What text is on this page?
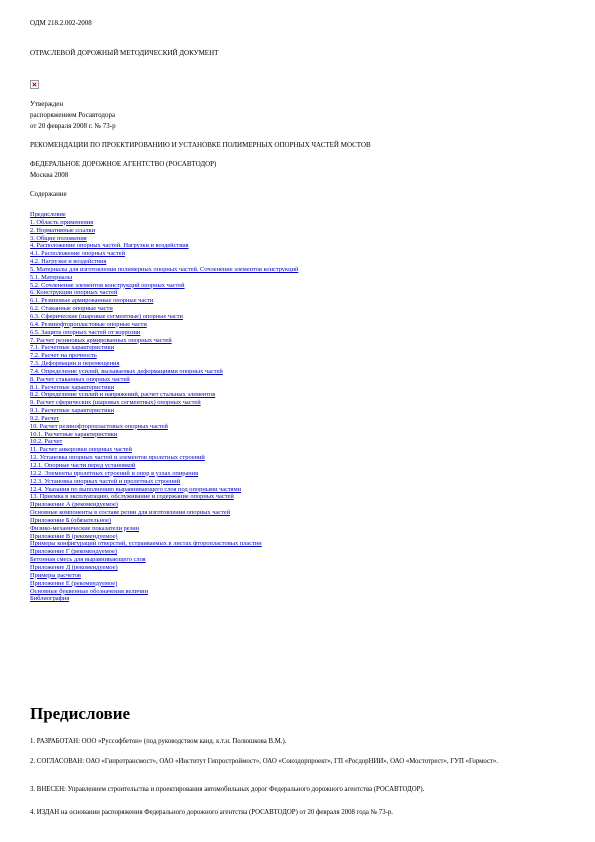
ОДМ 218.2.002-2008
ОТРАСЛЕВОЙ ДОРОЖНЫЙ МЕТОДИЧЕСКИЙ ДОКУМЕНТ
Утвержден
распоряжением Росавтодора
от 20 февраля 2008 г. № 73-р
РЕКОМЕНДАЦИИ ПО ПРОЕКТИРОВАНИЮ И УСТАНОВКЕ ПОЛИМЕРНЫХ ОПОРНЫХ ЧАСТЕЙ МОСТОВ
ФЕДЕРАЛЬНОЕ ДОРОЖНОЕ АГЕНТСТВО (РОСАВТОДОР)
Москва 2008
Содержание
Предисловие
1. Область применения
2. Нормативные ссылки
3. Общие положения
4. Расположение опорных частей. Нагрузки и воздействия
4.1. Расположение опорных частей
4.2. Нагрузки и воздействия
5. Материалы для изготовления полимерных опорных частей. Сочленение элементов конструкций
5.1. Материалы
5.2. Сочленение элементов конструкций опорных частей
6. Конструкции опорных частей
6.1. Резиновые армированные опорные части
6.2. Стаканные опорные части
6.3. Сферические (шаровые сегментные) опорные части
6.4. Резинофторопластовые опорные части
6.5. Защита опорных частей от коррозии
7. Расчет резиновых армированных опорных частей
7.1. Расчетные характеристики
7.2. Расчет на прочность
7.3. Деформации и перемещения
7.4. Определение усилий, вызываемых деформациями опорных частей
8. Расчет стаканных опорных частей
8.1. Расчетные характеристики
8.2. Определение усилий и напряжений, расчет стальных элементов
9. Расчет сферических (шаровых сегментных) опорных частей
9.1. Расчетные характеристики
9.2. Расчет
10. Расчет резинофторопластовых опорных частей
10.1. Расчетные характеристики
10.2. Расчет
11. Расчет анкеровки опорных частей
12. Установка опорных частей и элементов пролетных строений
12.1. Опорные части перед установкой
12.2. Элементы пролетных строений и опор в узлах опирания
12.3. Установка опорных частей и пролетных строений
12.4. Указания по выполнению выравнивающего слоя под опорными частями
13. Приемка в эксплуатацию, обслуживание и содержание опорных частей
Приложение А (рекомендуемое)
Основные компоненты в составе резин для изготовления опорных частей
Приложение Б (обязательное)
Физико-механические показатели резин
Приложение В (рекомендуемое)
Примеры конфигураций отверстий, устраиваемых в листах фторопластовых пластин
Приложение Г (рекомендуемое)
Бетонная смесь для выравнивающего слоя
Приложение Д (рекомендуемое)
Примеры расчетов
Приложение Е (рекомендуемое)
Основные буквенные обозначения величин
Библиография
Предисловие
1. РАЗРАБОТАН: ООО «Руссофбетон» (под руководством канд. к.т.н. Полюшкова В.М.).
2. СОГЛАСОВАН: ОАО «Гипротрансмост», ОАО «Институт Гипростроймост», ОАО «Союздорпроект», ГП «РосдорНИИ», ОАО «Мостотрест», ГУП «Гормост».
3. ВНЕСЕН: Управлением строительства и проектирования автомобильных дорог Федерального дорожного агентства (РОСАВТОДОР).
4. ИЗДАН на основании распоряжения Федерального дорожного агентства (РОСАВТОДОР) от 20 февраля 2008 года № 73-р.
